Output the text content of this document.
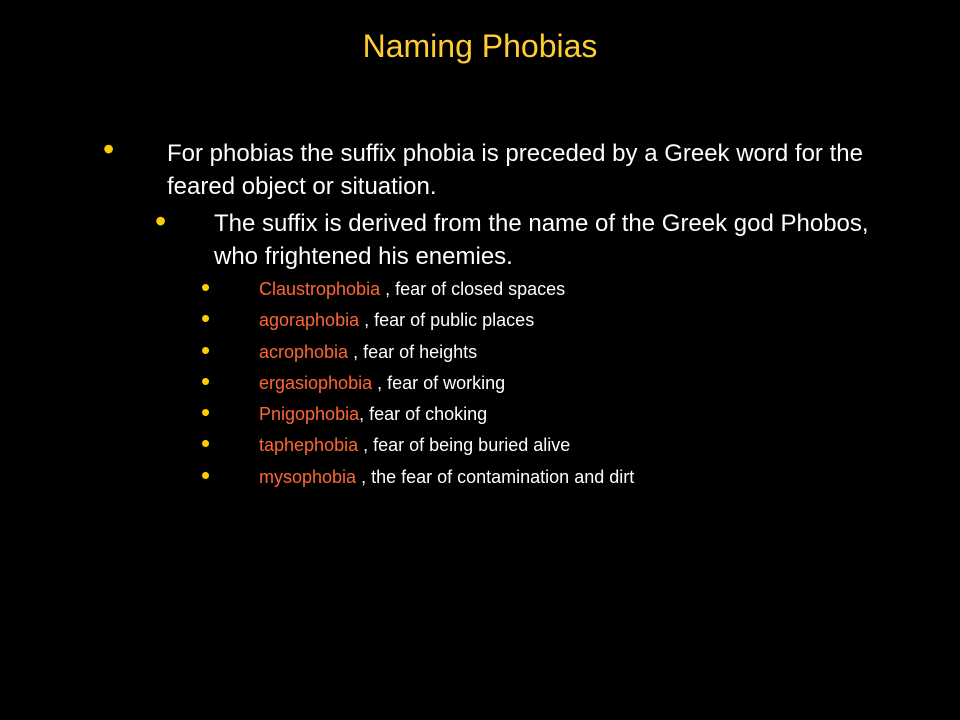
Naming Phobias
• For phobias the suffix phobia is preceded by a Greek word for the feared object or situation.
• The suffix is derived from the name of the Greek god Phobos, who frightened his enemies.
•	Claustrophobia , fear of closed spaces
•	agoraphobia , fear of public places
•	acrophobia , fear of heights
•	ergasiophobia , fear of working
•	Pnigophobia, fear of choking
•	taphephobia , fear of being buried alive
•	mysophobia , the fear of contamination and dirt
